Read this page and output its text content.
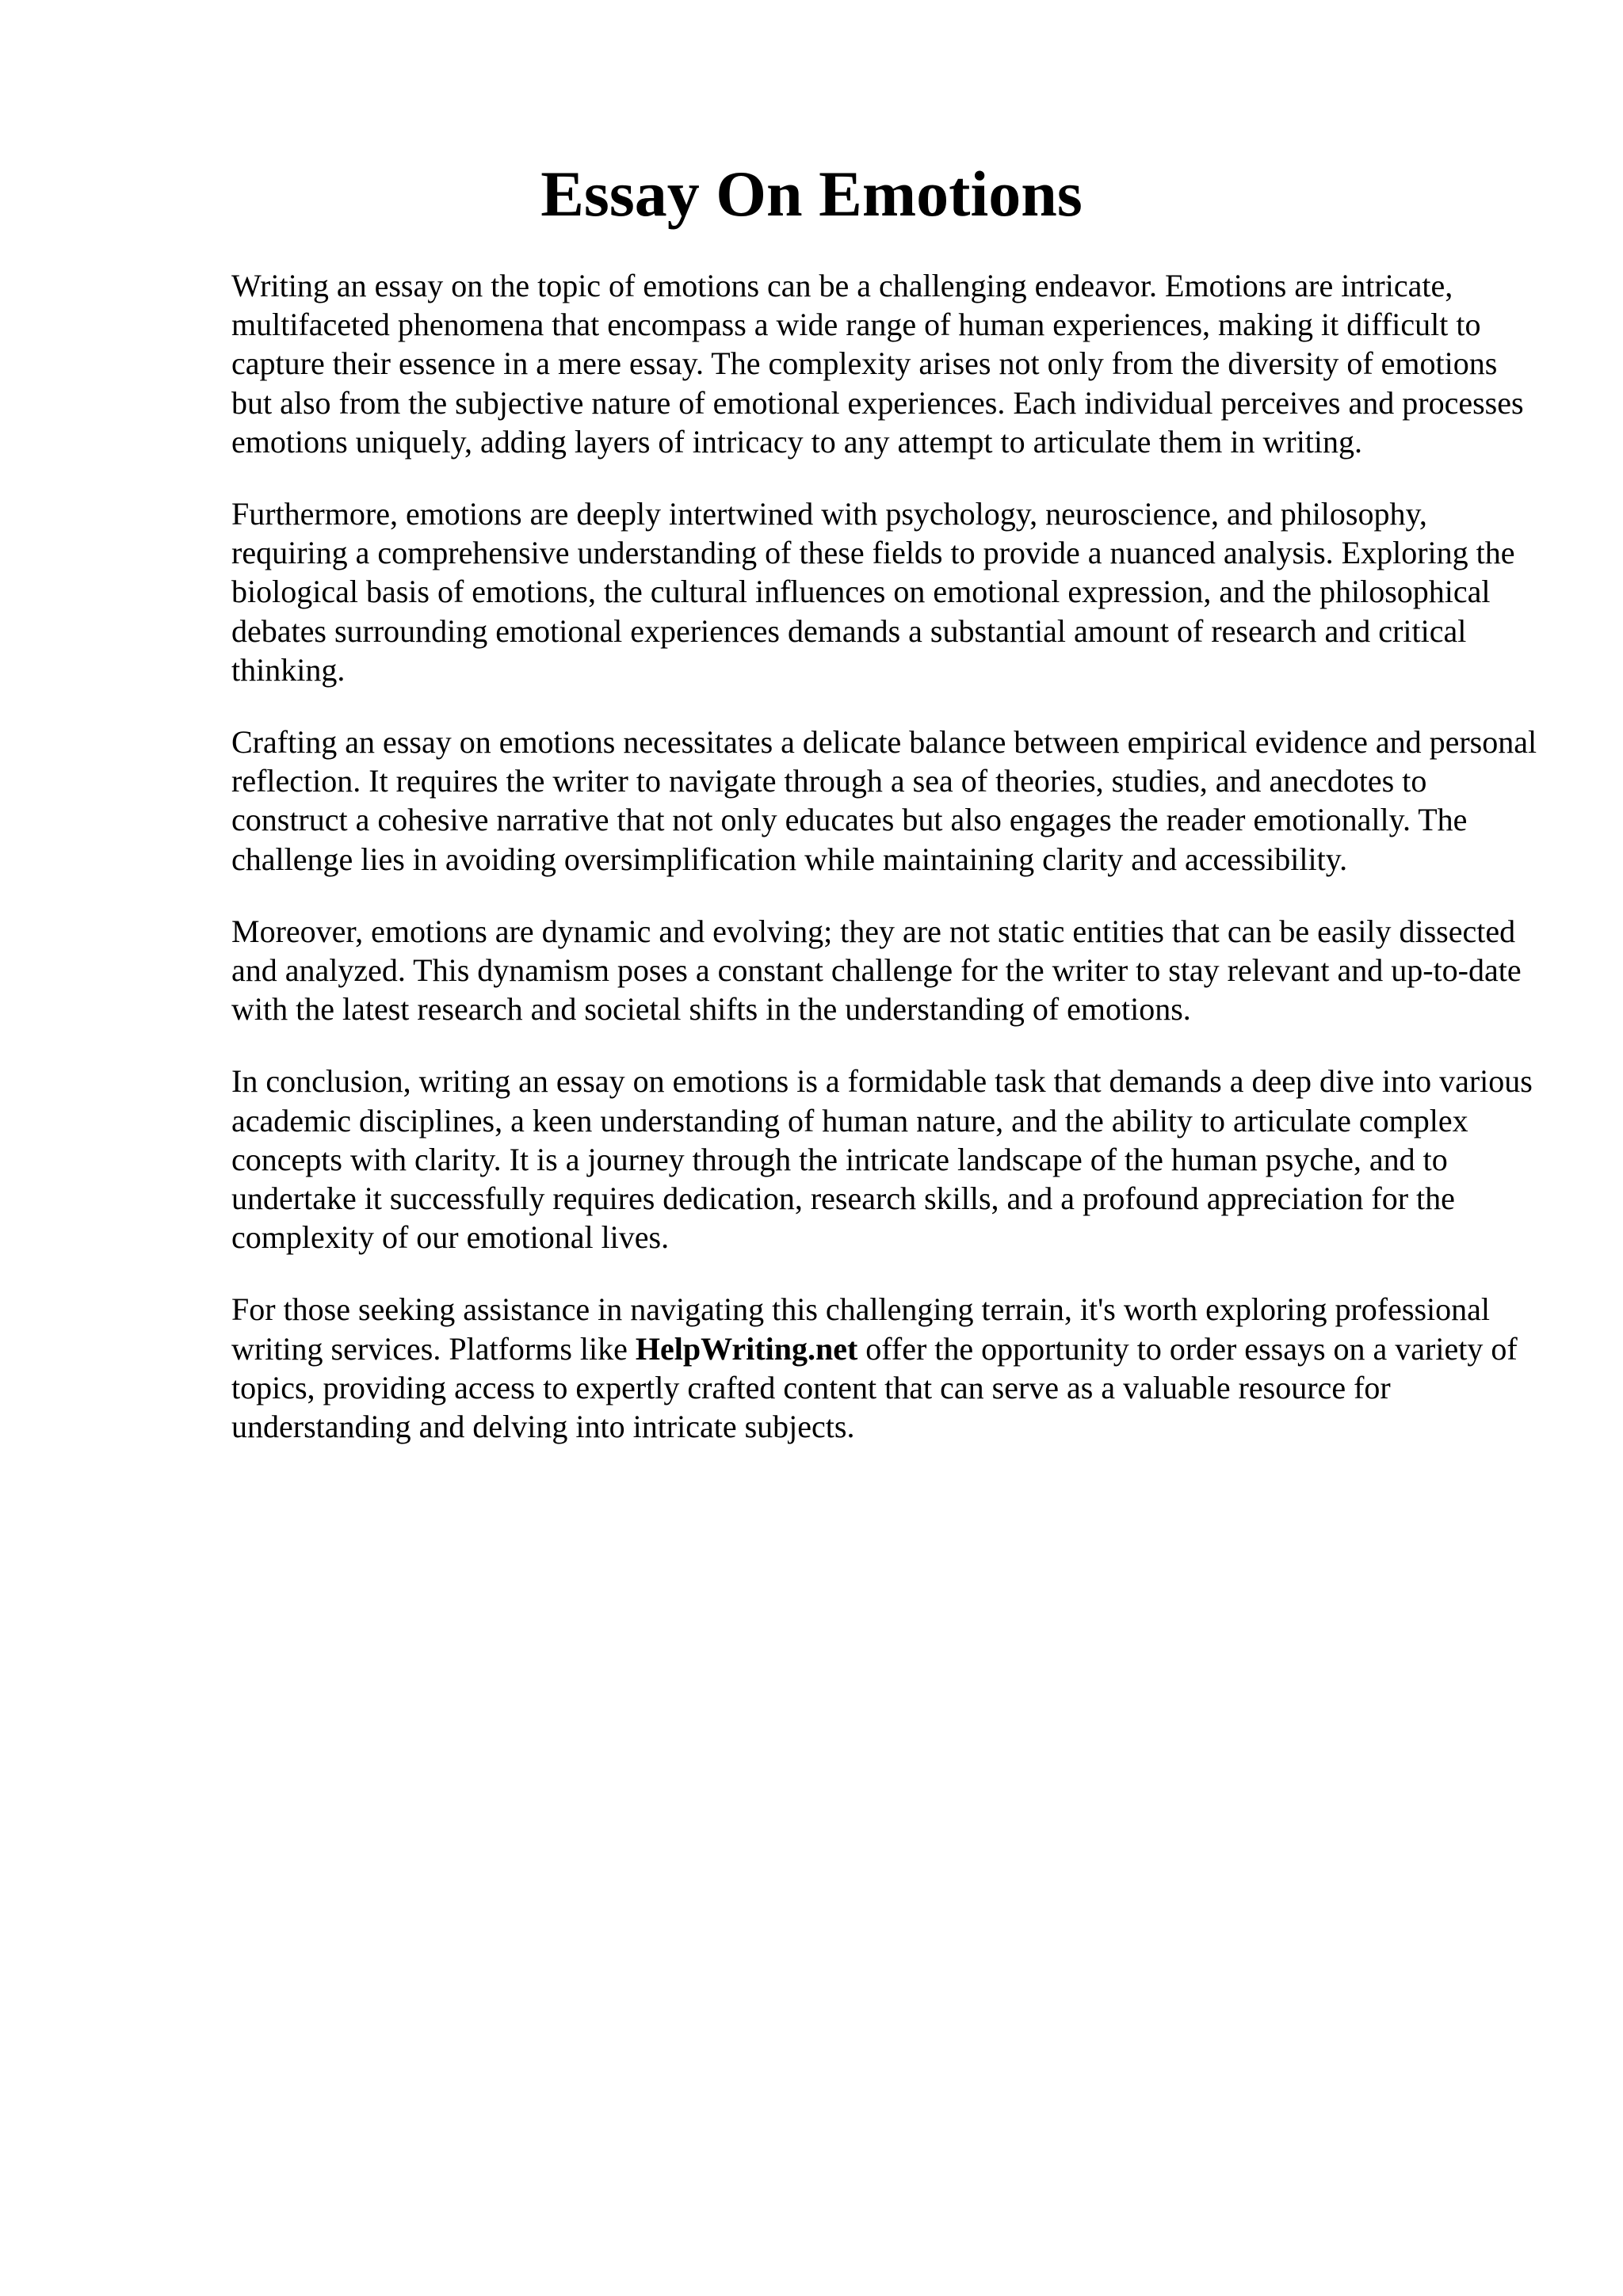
Essay On Emotions

Writing an essay on the topic of emotions can be a challenging endeavor. Emotions are intricate, multifaceted phenomena that encompass a wide range of human experiences, making it difficult to capture their essence in a mere essay. The complexity arises not only from the diversity of emotions but also from the subjective nature of emotional experiences. Each individual perceives and processes emotions uniquely, adding layers of intricacy to any attempt to articulate them in writing.

Furthermore, emotions are deeply intertwined with psychology, neuroscience, and philosophy, requiring a comprehensive understanding of these fields to provide a nuanced analysis. Exploring the biological basis of emotions, the cultural influences on emotional expression, and the philosophical debates surrounding emotional experiences demands a substantial amount of research and critical thinking.

Crafting an essay on emotions necessitates a delicate balance between empirical evidence and personal reflection. It requires the writer to navigate through a sea of theories, studies, and anecdotes to construct a cohesive narrative that not only educates but also engages the reader emotionally. The challenge lies in avoiding oversimplification while maintaining clarity and accessibility.

Moreover, emotions are dynamic and evolving; they are not static entities that can be easily dissected and analyzed. This dynamism poses a constant challenge for the writer to stay relevant and up-to-date with the latest research and societal shifts in the understanding of emotions.

In conclusion, writing an essay on emotions is a formidable task that demands a deep dive into various academic disciplines, a keen understanding of human nature, and the ability to articulate complex concepts with clarity. It is a journey through the intricate landscape of the human psyche, and to undertake it successfully requires dedication, research skills, and a profound appreciation for the complexity of our emotional lives.

For those seeking assistance in navigating this challenging terrain, it's worth exploring professional writing services. Platforms like HelpWriting.net offer the opportunity to order essays on a variety of topics, providing access to expertly crafted content that can serve as a valuable resource for understanding and delving into intricate subjects.
